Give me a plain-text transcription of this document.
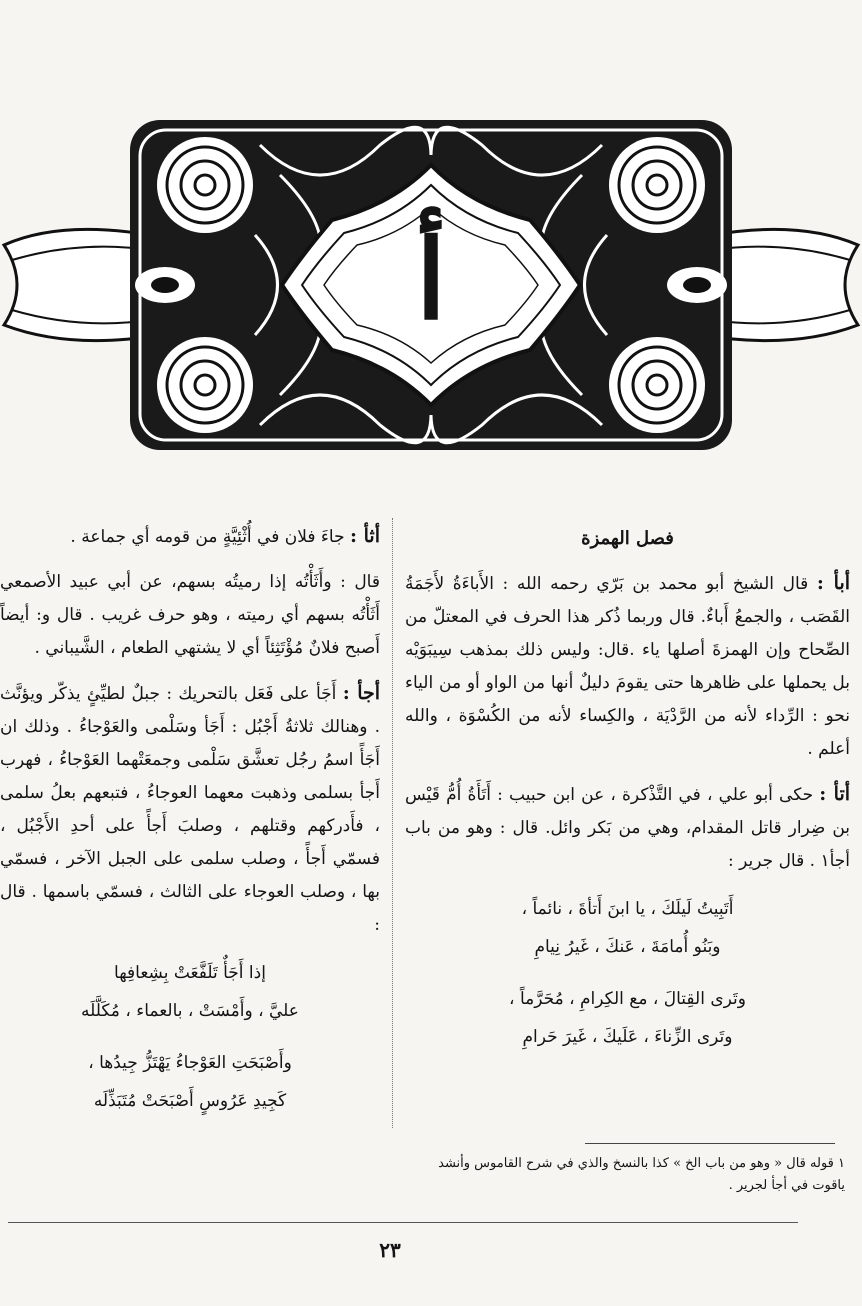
أ
فصل الهمزة

أبأ : قال الشيخ أبو محمد بن بَرّي رحمه الله : الأَباءَةُ لأَجَمَةُ القَصَب ، والجمعُ أَباءٌ. قال وربما ذُكر هذا الحرف في المعتلّ من الصِّحاح وإن الهمزةَ أصلها ياء .قال: وليس ذلك بمذهب سِيبَوَيْه بل يحملها على ظاهرها حتى يقومَ دليلٌ أنها من الواو أو من الياء نحو : الرِّداء لأنه من الرَّدْيَة ، والكِساء لأنه من الكُسْوَة ، والله أعلم .

أتأ : حكى أبو علي ، في التَّذْكرة ، عن ابن حبيب : أَتَأَةُ أُمُّ قَيْس بن ضِرار قاتل المقدام، وهي من بَكر وائل. قال : وهو من باب أجأ١ . قال جرير :

أَتَبِيتُ لَيلَكَ ، يا ابنَ أَتأةَ ، نائماً ،
وبَنُو أُمامَةَ ، عَنكَ ، غَيرُ نِيامِ
وتَرى القِتالَ ، مع الكِرامِ ، مُحَرَّماً ،
وتَرى الزِّناءَ ، عَلَيكَ ، غَيرَ حَرامِ

أثأ : جاءَ فلان في أُثْئِيَّةٍ من قومه أي جماعة .

قال : وأَثَأْتُه إذا رميتُه بسهم، عن أبي عبيد الأصمعي أَثَأْتُه بسهم أي رميته ، وهو حرف غريب . قال و: أيضاً أَصبح فلانٌ مُؤْتَثِئاً أي لا يشتهي الطعام ، الشَّيباني .

أجأ : أَجَأ على فَعَل بالتحريك : جبلٌ لطيِّئٍ يذكّر ويؤنَّث . وهنالك ثلاثةُ أَجْبُل : أَجَأ وسَلْمى والعَوْجاءُ . وذلك ان أَجَأً اسمُ رجُل تعشَّق سَلْمى وجمعَتْهما العَوْجاءُ ، فهرب أَجأ بسلمى وذهبت معهما العوجاءُ ، فتبعهم بعلُ سلمى ، فأَدركهم وقتلهم ، وصلبَ أَجأً على أحدِ الأَجْبُل ، فسمّي أَجأً ، وصلب سلمى على الجبل الآخر ، فسمّي بها ، وصلب العوجاء على الثالث ، فسمّي باسمها . قال :

إذا أَجَأٌ تَلَفَّعَتْ بِشِعافِها
عليَّ ، وأَمْسَتْ ، بالعماء ، مُكَلَّلَه
وأَصْبَحَتِ العَوْجاءُ يَهْتَزُّ جِيدُها ،
كَجِيدِ عَرُوسٍ أَصْبَحَتْ مُتَبَذِّلَه
١ قوله قال « وهو من باب الخ » كذا بالنسخ والذي في شرح القاموس وأنشد ياقوت في أجأ لجرير .
٢٣
